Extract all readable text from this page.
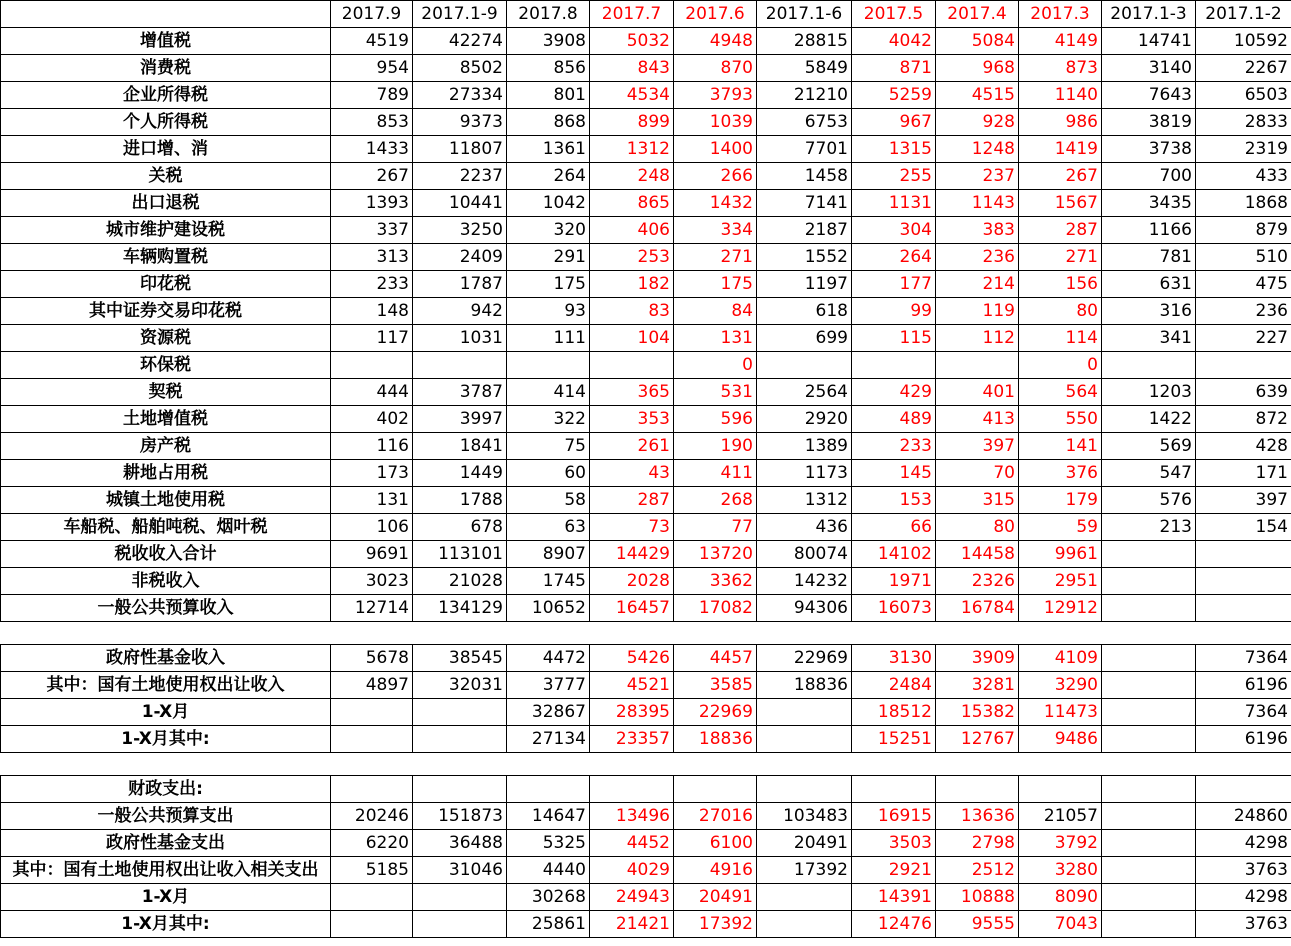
	2017.9	2017.1-9	2017.8	2017.7	2017.6	2017.1-6	2017.5	2017.4	2017.3	2017.1-3	2017.1-2
增值税	4519	42274	3908	5032	4948	28815	4042	5084	4149	14741	10592
消费税	954	8502	856	843	870	5849	871	968	873	3140	2267
企业所得税	789	27334	801	4534	3793	21210	5259	4515	1140	7643	6503
个人所得税	853	9373	868	899	1039	6753	967	928	986	3819	2833
进口增、消	1433	11807	1361	1312	1400	7701	1315	1248	1419	3738	2319
关税	267	2237	264	248	266	1458	255	237	267	700	433
出口退税	1393	10441	1042	865	1432	7141	1131	1143	1567	3435	1868
城市维护建设税	337	3250	320	406	334	2187	304	383	287	1166	879
车辆购置税	313	2409	291	253	271	1552	264	236	271	781	510
印花税	233	1787	175	182	175	1197	177	214	156	631	475
其中证券交易印花税	148	942	93	83	84	618	99	119	80	316	236
资源税	117	1031	111	104	131	699	115	112	114	341	227
环保税					0				0		
契税	444	3787	414	365	531	2564	429	401	564	1203	639
土地增值税	402	3997	322	353	596	2920	489	413	550	1422	872
房产税	116	1841	75	261	190	1389	233	397	141	569	428
耕地占用税	173	1449	60	43	411	1173	145	70	376	547	171
城镇土地使用税	131	1788	58	287	268	1312	153	315	179	576	397
车船税、船舶吨税、烟叶税	106	678	63	73	77	436	66	80	59	213	154
税收收入合计	9691	113101	8907	14429	13720	80074	14102	14458	9961		
非税收入	3023	21028	1745	2028	3362	14232	1971	2326	2951		
一般公共预算收入	12714	134129	10652	16457	17082	94306	16073	16784	12912		

政府性基金收入	5678	38545	4472	5426	4457	22969	3130	3909	4109		7364
其中：国有土地使用权出让收入	4897	32031	3777	4521	3585	18836	2484	3281	3290		6196
1-X月			32867	28395	22969		18512	15382	11473		7364
1-X月其中:			27134	23357	18836		15251	12767	9486		6196

财政支出:											
一般公共预算支出	20246	151873	14647	13496	27016	103483	16915	13636	21057		24860
政府性基金支出	6220	36488	5325	4452	6100	20491	3503	2798	3792		4298
其中：国有土地使用权出让收入相关支出	5185	31046	4440	4029	4916	17392	2921	2512	3280		3763
1-X月			30268	24943	20491		14391	10888	8090		4298
1-X月其中:			25861	21421	17392		12476	9555	7043		3763
